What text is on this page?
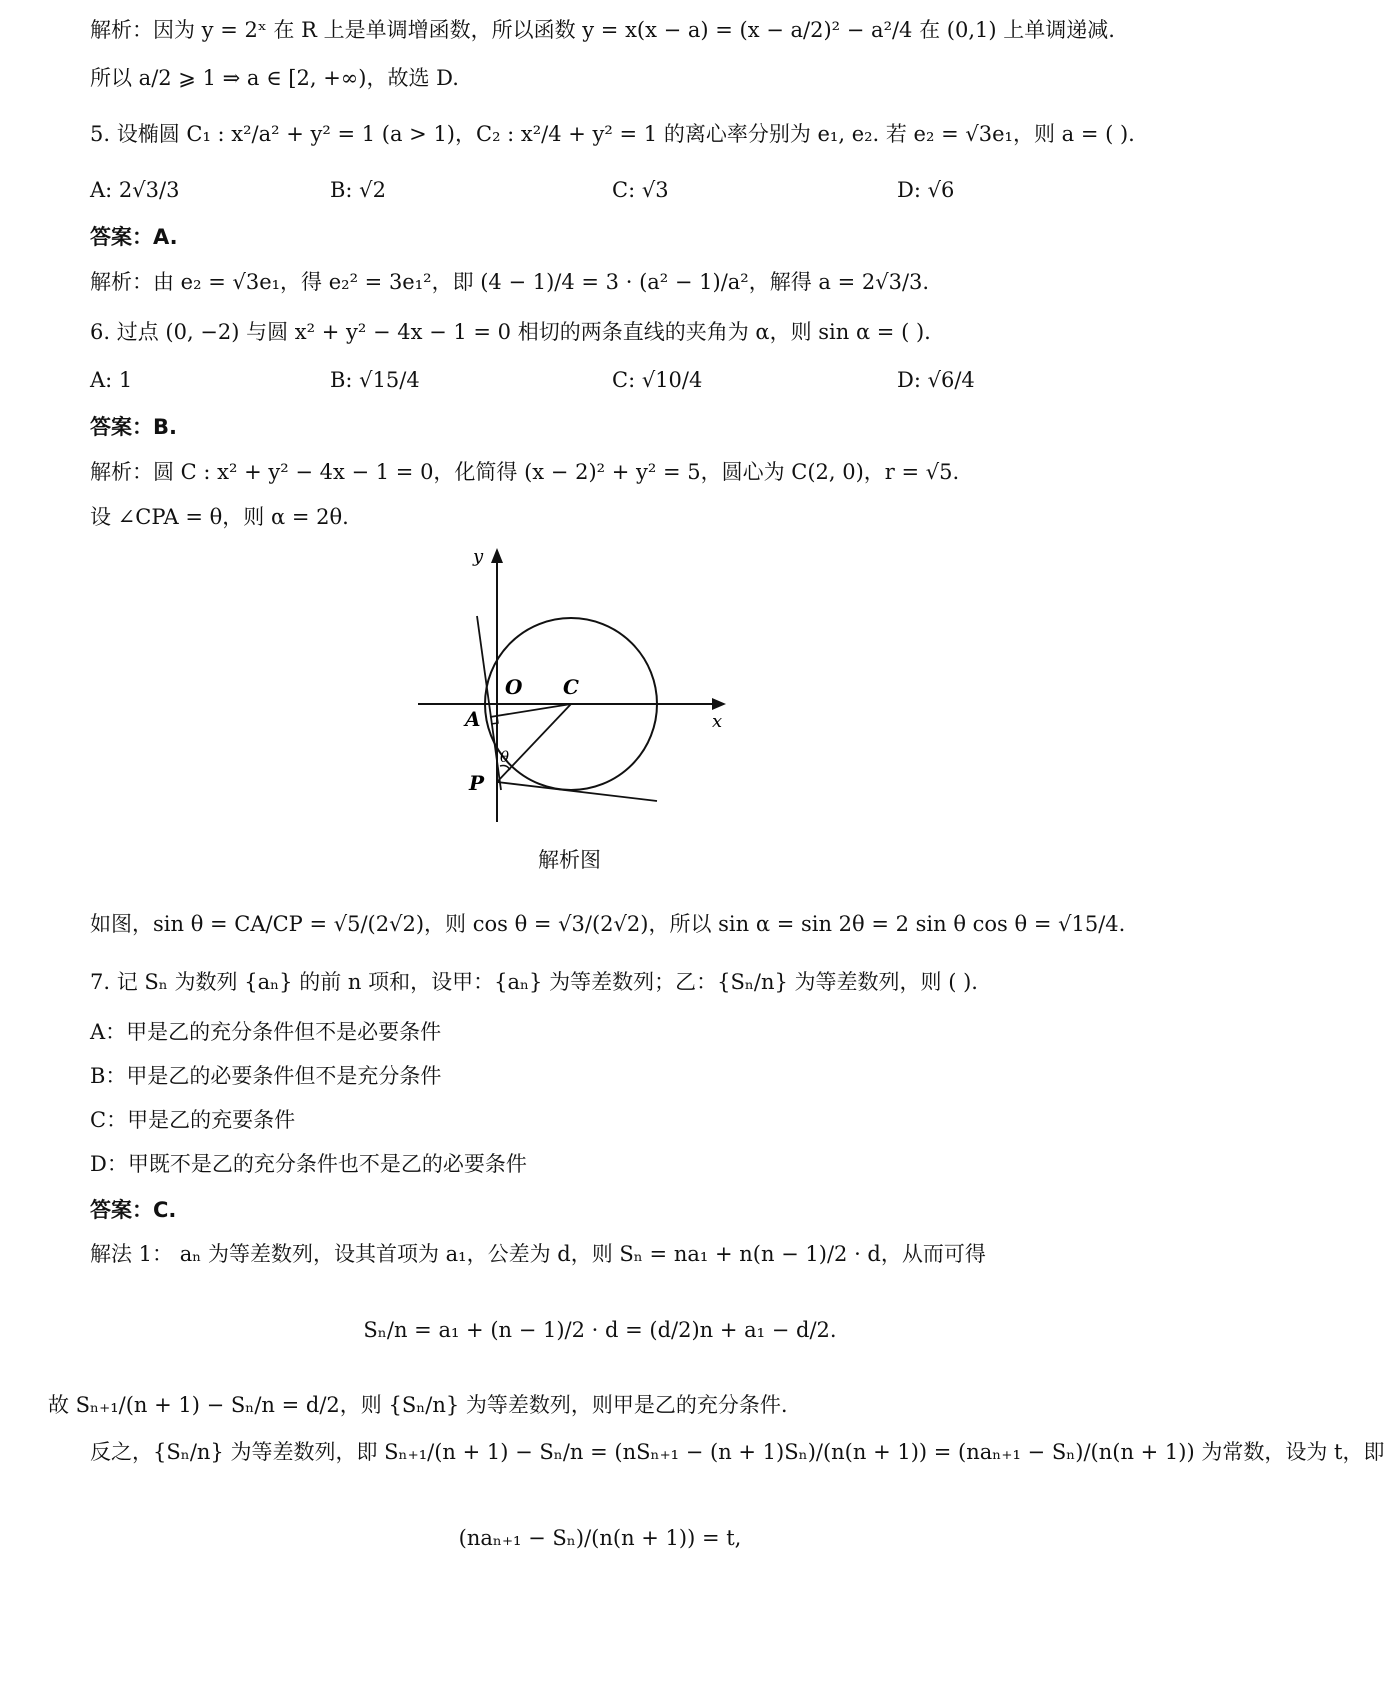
解析：因为 y = 2ˣ 在 R 上是单调增函数，所以函数 y = x(x − a) = (x − a/2)² − a²/4 在 (0,1) 上单调递减.
所以 a/2 ⩾ 1 ⇒ a ∈ [2, +∞)，故选 D.
5. 设椭圆 C₁ : x²/a² + y² = 1 (a > 1)，C₂ : x²/4 + y² = 1 的离心率分别为 e₁, e₂. 若 e₂ = √3e₁，则 a = ( ).
A: 2√3/3	B: √2	C: √3	D: √6
答案：A.
解析：由 e₂ = √3e₁，得 e₂² = 3e₁²，即 (4 − 1)/4 = 3 · (a² − 1)/a²，解得 a = 2√3/3.
6. 过点 (0, −2) 与圆 x² + y² − 4x − 1 = 0 相切的两条直线的夹角为 α，则 sin α = ( ).
A: 1	B: √15/4	C: √10/4	D: √6/4
答案：B.
解析：圆 C : x² + y² − 4x − 1 = 0，化简得 (x − 2)² + y² = 5，圆心为 C(2, 0)，r = √5.
设 ∠CPA = θ，则 α = 2θ.
y
x
O C
A
P
θ
解析图
如图，sin θ = CA/CP = √5/(2√2)，则 cos θ = √3/(2√2)，所以 sin α = sin 2θ = 2 sin θ cos θ = √15/4.
7. 记 Sₙ 为数列 {aₙ} 的前 n 项和，设甲：{aₙ} 为等差数列；乙：{Sₙ/n} 为等差数列，则 ( ).
A：甲是乙的充分条件但不是必要条件
B：甲是乙的必要条件但不是充分条件
C：甲是乙的充要条件
D：甲既不是乙的充分条件也不是乙的必要条件
答案：C.
解法 1： aₙ 为等差数列，设其首项为 a₁，公差为 d，则 Sₙ = na₁ + n(n − 1)/2 · d，从而可得
Sₙ/n = a₁ + (n − 1)/2 · d = (d/2)n + a₁ − d/2.
故 Sₙ₊₁/(n + 1) − Sₙ/n = d/2，则 {Sₙ/n} 为等差数列，则甲是乙的充分条件.
反之，{Sₙ/n} 为等差数列，即 Sₙ₊₁/(n + 1) − Sₙ/n = (nSₙ₊₁ − (n + 1)Sₙ)/(n(n + 1)) = (naₙ₊₁ − Sₙ)/(n(n + 1)) 为常数，设为 t，即
(naₙ₊₁ − Sₙ)/(n(n + 1)) = t,
